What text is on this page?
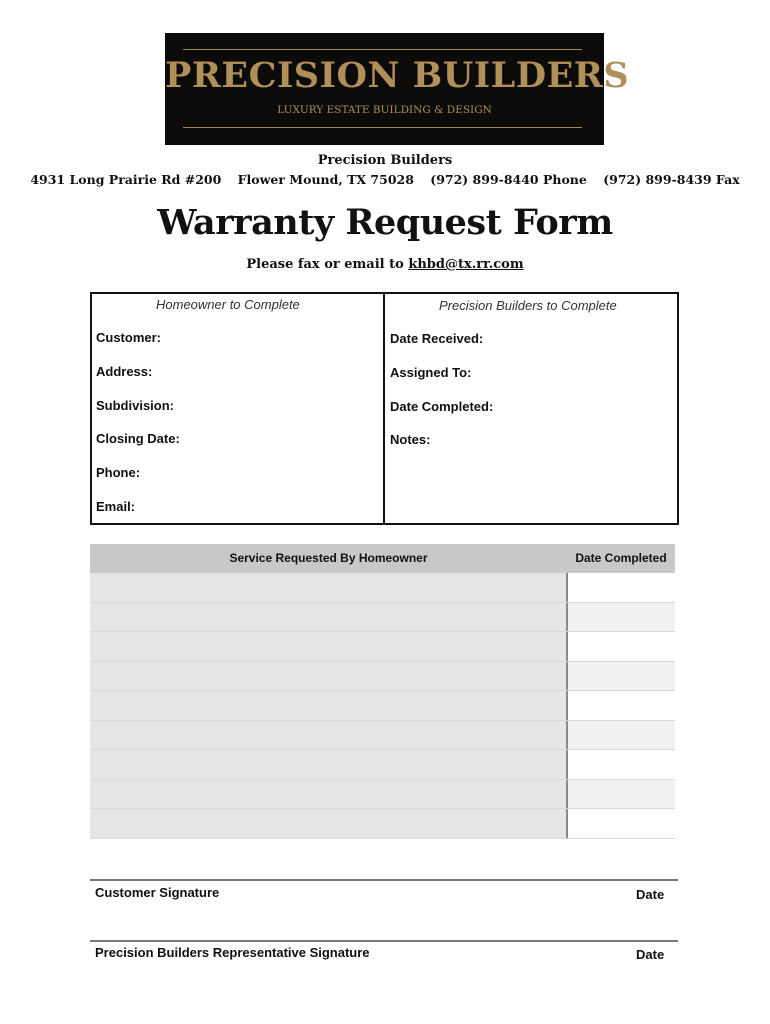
PRECISION BUILDERS
LUXURY ESTATE BUILDING & DESIGN
Precision Builders
4931 Long Prairie Rd #200 Flower Mound, TX 75028 (972) 899-8440 Phone (972) 899-8439 Fax
Warranty Request Form
Please fax or email to khbd@tx.rr.com
Homeowner to Complete	Precision Builders to Complete
Customer:
Address:
Subdivision:
Closing Date:
Phone:
Email:
Date Received:
Assigned To:
Date Completed:
Notes:
Service Requested By Homeowner	Date Completed
Customer Signature	Date
Precision Builders Representative Signature	Date
